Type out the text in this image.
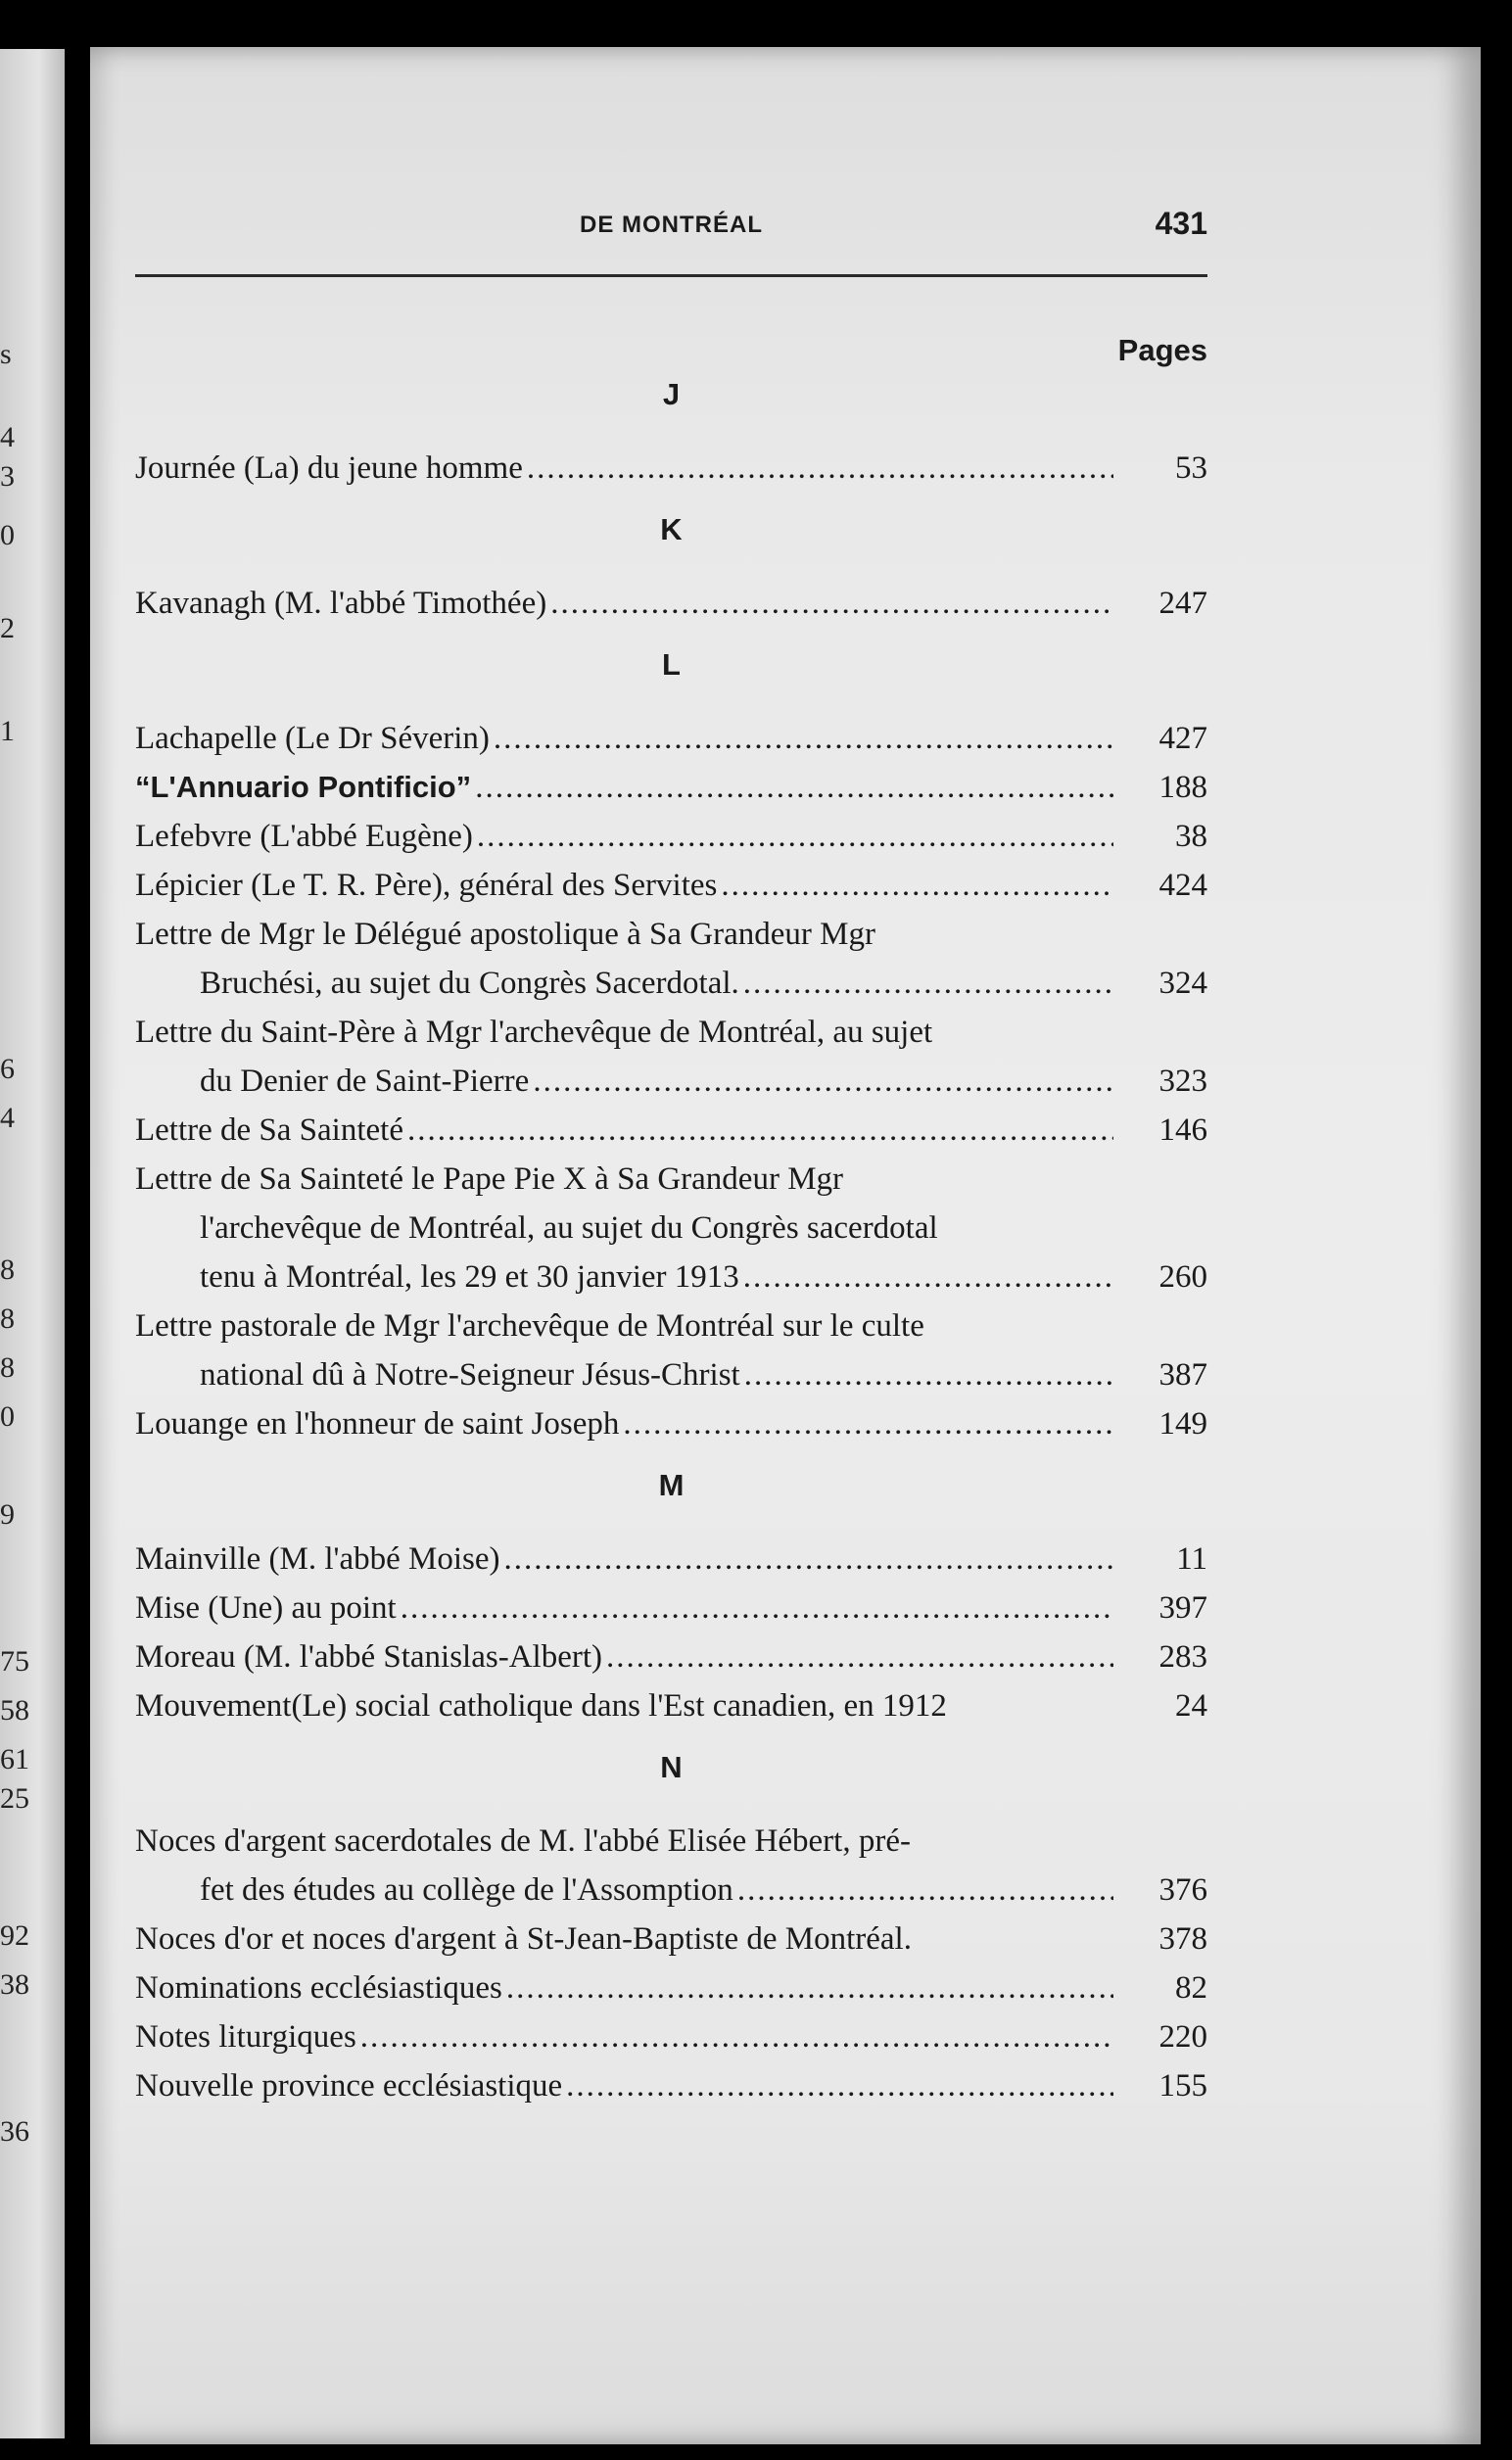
s
4
3
0
2
1
6
4
8
8
8
0
9
75
58
61
25
92
38
36
DE MONTRÉAL	431
Pages
J
Journée (La) du jeune homme .....	53
K
Kavanagh (M. l'abbé Timothée) .....	247
L
Lachapelle (Le Dr Séverin) .....	427
“L'Annuario Pontificio” .....	188
Lefebvre (L'abbé Eugène) .....	38
Lépicier (Le T. R. Père), général des Servites .....	424
Lettre de Mgr le Délégué apostolique à Sa Grandeur Mgr
Bruchési, au sujet du Congrès Sacerdotal. .....	324
Lettre du Saint-Père à Mgr l'archevêque de Montréal, au sujet
du Denier de Saint-Pierre .....	323
Lettre de Sa Sainteté .....	146
Lettre de Sa Sainteté le Pape Pie X à Sa Grandeur Mgr
l'archevêque de Montréal, au sujet du Congrès sacerdotal
tenu à Montréal, les 29 et 30 janvier 1913 .....	260
Lettre pastorale de Mgr l'archevêque de Montréal sur le culte
national dû à Notre-Seigneur Jésus-Christ .....	387
Louange en l'honneur de saint Joseph .....	149
M
Mainville (M. l'abbé Moise) .....	11
Mise (Une) au point .....	397
Moreau (M. l'abbé Stanislas-Albert) .....	283
Mouvement(Le) social catholique dans l'Est canadien, en 1912	24
N
Noces d'argent sacerdotales de M. l'abbé Elisée Hébert, pré-
fet des études au collège de l'Assomption .....	376
Noces d'or et noces d'argent à St-Jean-Baptiste de Montréal.	378
Nominations ecclésiastiques .....	82
Notes liturgiques .....	220
Nouvelle province ecclésiastique .....	155
